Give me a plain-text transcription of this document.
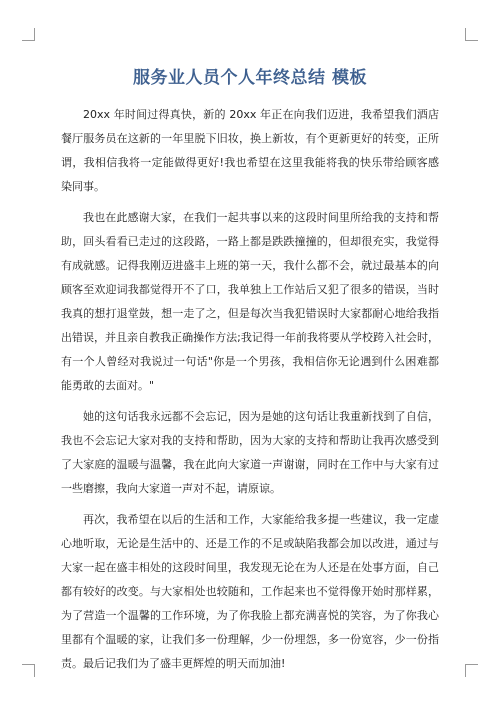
服务业人员个人年终总结 模板

20xx 年时间过得真快，新的 20xx 年正在向我们迈进，我希望我们酒店餐厅服务员在这新的一年里脱下旧妆，换上新妆，有个更新更好的转变，正所谓，我相信我将一定能做得更好!我也希望在这里我能将我的快乐带给顾客感染同事。

我也在此感谢大家，在我们一起共事以来的这段时间里所给我的支持和帮助，回头看看已走过的这段路，一路上都是跌跌撞撞的，但却很充实，我觉得有成就感。记得我刚迈进盛丰上班的第一天，我什么都不会，就过最基本的向顾客至欢迎词我都觉得开不了口，我单独上工作站后又犯了很多的错误，当时我真的想打退堂鼓，想一走了之，但是每次当我犯错误时大家都耐心地给我指出错误，并且亲自教我正确操作方法;我记得一年前我将要从学校跨入社会时，有一个人曾经对我说过一句话"你是一个男孩，我相信你无论遇到什么困难都能勇敢的去面对。"

她的这句话我永远都不会忘记，因为是她的这句话让我重新找到了自信，我也不会忘记大家对我的支持和帮助，因为大家的支持和帮助让我再次感受到了大家庭的温暖与温馨，我在此向大家道一声谢谢，同时在工作中与大家有过一些磨擦，我向大家道一声对不起，请原谅。

再次，我希望在以后的生活和工作，大家能给我多提一些建议，我一定虚心地听取，无论是生活中的、还是工作的不足或缺陷我都会加以改进，通过与大家一起在盛丰相处的这段时间里，我发现无论在为人还是在处事方面，自己都有较好的改变。与大家相处也较随和，工作起来也不觉得像开始时那样累，为了营造一个温馨的工作环境，为了你我脸上都充满喜悦的笑容，为了你我心里都有个温暖的家，让我们多一份理解，少一份埋怨，多一份宽容，少一份指责。最后记我们为了盛丰更辉煌的明天而加油!
